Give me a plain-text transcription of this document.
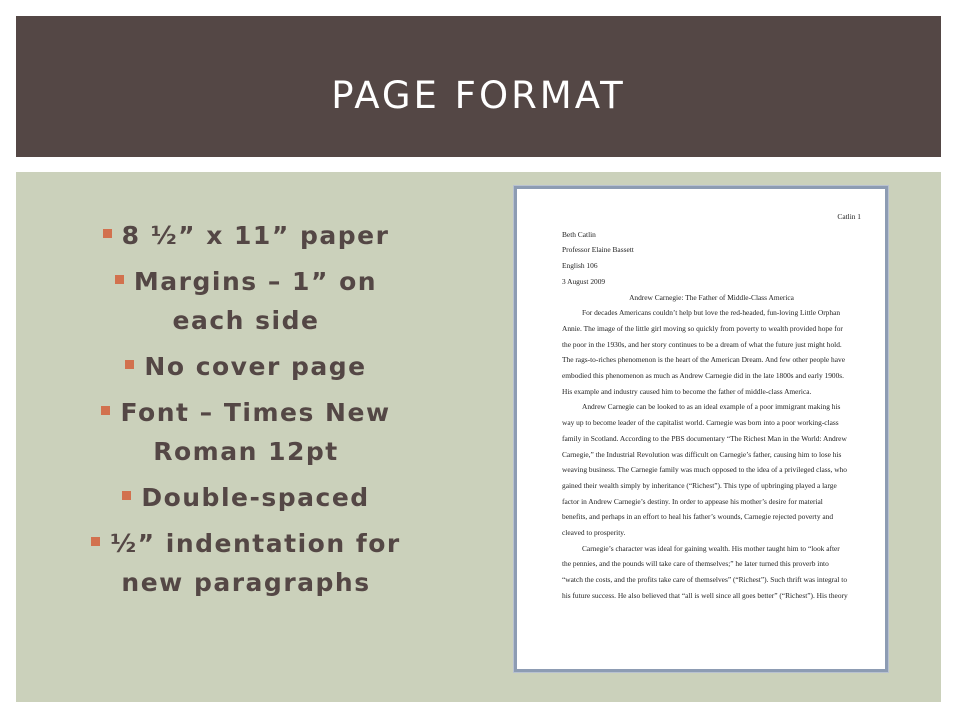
PAGE FORMAT
8 ½” x 11” paper
Margins – 1” on
each side
No cover page
Font – Times New
Roman 12pt
Double-spaced
½” indentation for
new paragraphs
Catlin 1
Beth Catlin
Professor Elaine Bassett
English 106
3 August 2009
Andrew Carnegie: The Father of Middle-Class America
For decades Americans couldn’t help but love the red-headed, fun-loving Little Orphan
Annie. The image of the little girl moving so quickly from poverty to wealth provided hope for
the poor in the 1930s, and her story continues to be a dream of what the future just might hold.
The rags-to-riches phenomenon is the heart of the American Dream. And few other people have
embodied this phenomenon as much as Andrew Carnegie did in the late 1800s and early 1900s.
His example and industry caused him to become the father of middle-class America.
Andrew Carnegie can be looked to as an ideal example of a poor immigrant making his
way up to become leader of the capitalist world. Carnegie was born into a poor working-class
family in Scotland. According to the PBS documentary “The Richest Man in the World: Andrew
Carnegie,” the Industrial Revolution was difficult on Carnegie’s father, causing him to lose his
weaving business. The Carnegie family was much opposed to the idea of a privileged class, who
gained their wealth simply by inheritance (“Richest”). This type of upbringing played a large
factor in Andrew Carnegie’s destiny. In order to appease his mother’s desire for material
benefits, and perhaps in an effort to heal his father’s wounds, Carnegie rejected poverty and
cleaved to prosperity.
Carnegie’s character was ideal for gaining wealth. His mother taught him to “look after
the pennies, and the pounds will take care of themselves;” he later turned this proverb into
“watch the costs, and the profits take care of themselves” (“Richest”). Such thrift was integral to
his future success. He also believed that “all is well since all goes better” (“Richest”). His theory
